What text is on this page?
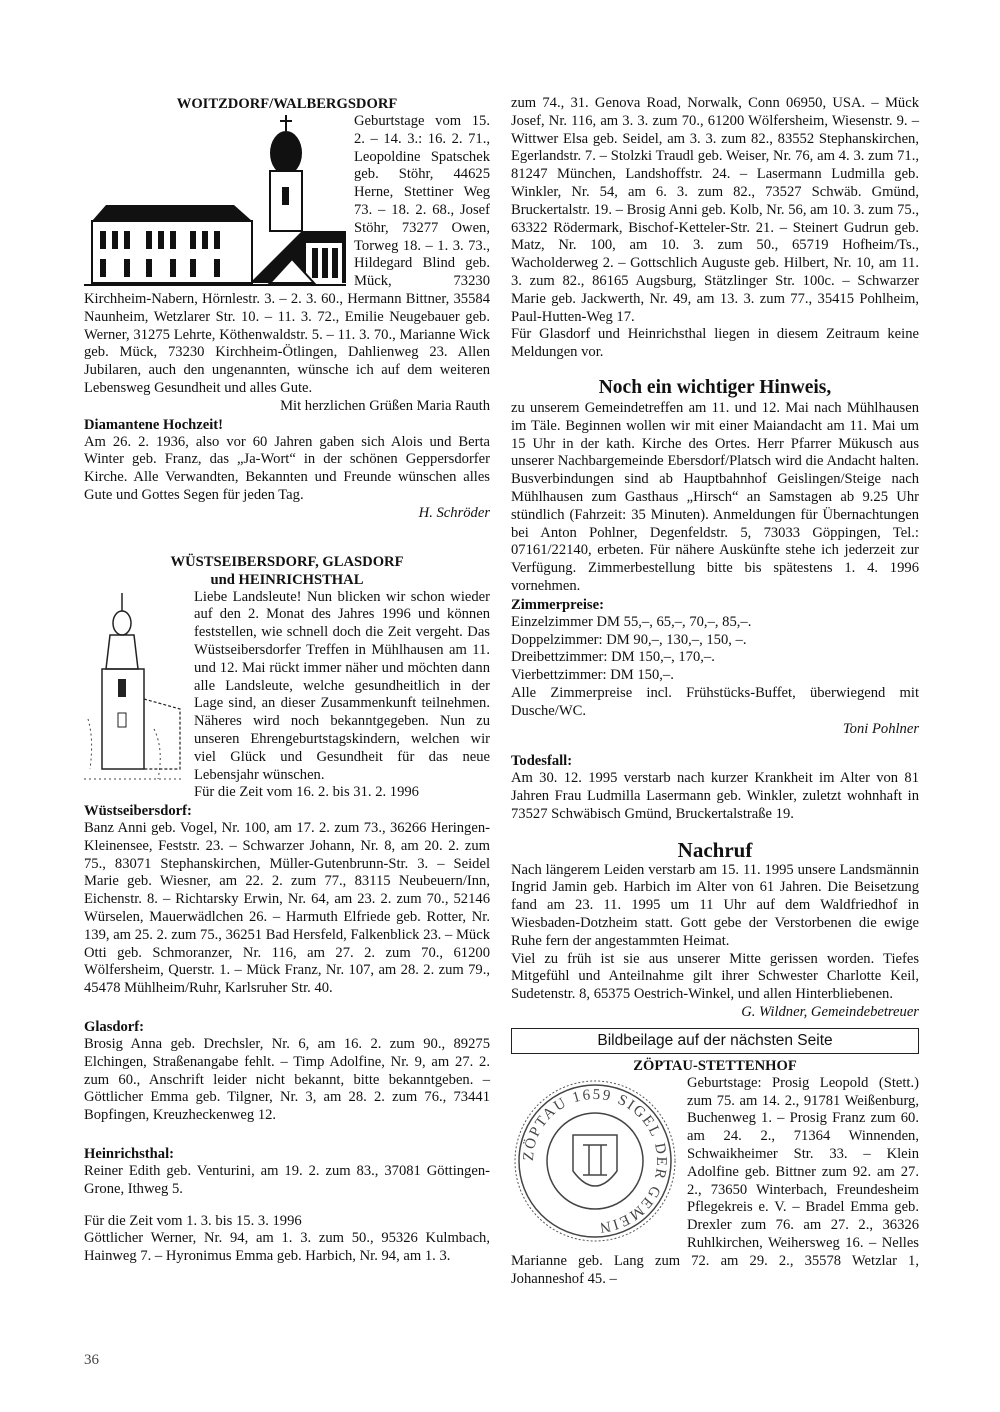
WOITZDORF/WALBERGSDORF

Geburtstage vom 15. 2. – 14. 3.: 16. 2. 71., Leopoldine Spatschek geb. Stöhr, 44625 Herne, Stettiner Weg 73. – 18. 2. 68., Josef Stöhr, 73277 Owen, Torweg 18. – 1. 3. 73., Hildegard Blind geb. Mück, 73230 Kirchheim-Nabern, Hörnlestr. 3. – 2. 3. 60., Hermann Bittner, 35584 Naunheim, Wetzlarer Str. 10. – 11. 3. 72., Emilie Neugebauer geb. Werner, 31275 Lehrte, Köthenwaldstr. 5. – 11. 3. 70., Marianne Wick geb. Mück, 73230 Kirchheim-Ötlingen, Dahlienweg 23. Allen Jubilaren, auch den ungenannten, wünsche ich auf dem weiteren Lebensweg Gesundheit und alles Gute.

Mit herzlichen Grüßen Maria Rauth

Diamantene Hochzeit!

Am 26. 2. 1936, also vor 60 Jahren gaben sich Alois und Berta Winter geb. Franz, das „Ja-Wort“ in der schönen Geppersdorfer Kirche. Alle Verwandten, Bekannten und Freunde wünschen alles Gute und Gottes Segen für jeden Tag.

H. Schröder

WÜSTSEIBERSDORF, GLASDORF

und HEINRICHSTHAL

Liebe Landsleute! Nun blicken wir schon wieder auf den 2. Monat des Jahres 1996 und können feststellen, wie schnell doch die Zeit vergeht. Das Wüstseibersdorfer Treffen in Mühlhausen am 11. und 12. Mai rückt immer näher und möchten dann alle Landsleute, welche gesundheitlich in der Lage sind, an dieser Zusammenkunft teilnehmen. Näheres wird noch bekanntgegeben. Nun zu unseren Ehrengeburtstagskindern, welchen wir viel Glück und Gesundheit für das neue Lebensjahr wünschen.

Für die Zeit vom 16. 2. bis 31. 2. 1996

Wüstseibersdorf:

Banz Anni geb. Vogel, Nr. 100, am 17. 2. zum 73., 36266 Heringen-Kleinensee, Feststr. 23. – Schwarzer Johann, Nr. 8, am 20. 2. zum 75., 83071 Stephanskirchen, Müller-Gutenbrunn-Str. 3. – Seidel Marie geb. Wiesner, am 22. 2. zum 77., 83115 Neubeuern/Inn, Eichenstr. 8. – Richtarsky Erwin, Nr. 64, am 23. 2. zum 70., 52146 Würselen, Mauerwädlchen 26. – Harmuth Elfriede geb. Rotter, Nr. 139, am 25. 2. zum 75., 36251 Bad Hersfeld, Falkenblick 23. – Mück Otti geb. Schmoranzer, Nr. 116, am 27. 2. zum 70., 61200 Wölfersheim, Querstr. 1. – Mück Franz, Nr. 107, am 28. 2. zum 79., 45478 Mühlheim/Ruhr, Karlsruher Str. 40.

Glasdorf:

Brosig Anna geb. Drechsler, Nr. 6, am 16. 2. zum 90., 89275 Elchingen, Straßenangabe fehlt. – Timp Adolfine, Nr. 9, am 27. 2. zum 60., Anschrift leider nicht bekannt, bitte bekanntgeben. – Göttlicher Emma geb. Tilgner, Nr. 3, am 28. 2. zum 76., 73441 Bopfingen, Kreuzheckenweg 12.

Heinrichsthal:

Reiner Edith geb. Venturini, am 19. 2. zum 83., 37081 Göttingen-Grone, Ithweg 5.

Für die Zeit vom 1. 3. bis 15. 3. 1996

Göttlicher Werner, Nr. 94, am 1. 3. zum 50., 95326 Kulmbach, Hainweg 7. – Hyronimus Emma geb. Harbich, Nr. 94, am 1. 3.

zum 74., 31. Genova Road, Norwalk, Conn 06950, USA. – Mück Josef, Nr. 116, am 3. 3. zum 70., 61200 Wölfersheim, Wiesenstr. 9. – Wittwer Elsa geb. Seidel, am 3. 3. zum 82., 83552 Stephanskirchen, Egerlandstr. 7. – Stolzki Traudl geb. Weiser, Nr. 76, am 4. 3. zum 71., 81247 München, Landshoffstr. 24. – Lasermann Ludmilla geb. Winkler, Nr. 54, am 6. 3. zum 82., 73527 Schwäb. Gmünd, Bruckertalstr. 19. – Brosig Anni geb. Kolb, Nr. 56, am 10. 3. zum 75., 63322 Rödermark, Bischof-Ketteler-Str. 21. – Steinert Gudrun geb. Matz, Nr. 100, am 10. 3. zum 50., 65719 Hofheim/Ts., Wacholderweg 2. – Gottschlich Auguste geb. Hilbert, Nr. 10, am 11. 3. zum 82., 86165 Augsburg, Stätzlinger Str. 100c. – Schwarzer Marie geb. Jackwerth, Nr. 49, am 13. 3. zum 77., 35415 Pohlheim, Paul-Hutten-Weg 17.

Für Glasdorf und Heinrichsthal liegen in diesem Zeitraum keine Meldungen vor.

Noch ein wichtiger Hinweis,

zu unserem Gemeindetreffen am 11. und 12. Mai nach Mühlhausen im Täle. Beginnen wollen wir mit einer Maiandacht am 11. Mai um 15 Uhr in der kath. Kirche des Ortes. Herr Pfarrer Mükusch aus unserer Nachbargemeinde Ebersdorf/Platsch wird die Andacht halten. Busverbindungen sind ab Hauptbahnhof Geislingen/Steige nach Mühlhausen zum Gasthaus „Hirsch“ an Samstagen ab 9.25 Uhr stündlich (Fahrzeit: 35 Minuten). Anmeldungen für Übernachtungen bei Anton Pohlner, Degenfeldstr. 5, 73033 Göppingen, Tel.: 07161/22140, erbeten. Für nähere Auskünfte stehe ich jederzeit zur Verfügung. Zimmerbestellung bitte bis spätestens 1. 4. 1996 vornehmen.

Zimmerpreise:

Einzelzimmer DM 55,–, 65,–, 70,–, 85,–.

Doppelzimmer: DM 90,–, 130,–, 150, –.

Dreibettzimmer: DM 150,–, 170,–.

Vierbettzimmer: DM 150,–.

Alle Zimmerpreise incl. Frühstücks-Buffet, überwiegend mit Dusche/WC.

Toni Pohlner

Todesfall:

Am 30. 12. 1995 verstarb nach kurzer Krankheit im Alter von 81 Jahren Frau Ludmilla Lasermann geb. Winkler, zuletzt wohnhaft in 73527 Schwäbisch Gmünd, Bruckertalstraße 19.

Nachruf

Nach längerem Leiden verstarb am 15. 11. 1995 unsere Landsmännin Ingrid Jamin geb. Harbich im Alter von 61 Jahren. Die Beisetzung fand am 23. 11. 1995 um 11 Uhr auf dem Waldfriedhof in Wiesbaden-Dotzheim statt. Gott gebe der Verstorbenen die ewige Ruhe fern der angestammten Heimat.

Viel zu früh ist sie aus unserer Mitte gerissen worden. Tiefes Mitgefühl und Anteilnahme gilt ihrer Schwester Charlotte Keil, Sudetenstr. 8, 65375 Oestrich-Winkel, und allen Hinterbliebenen.

G. Wildner, Gemeindebetreuer

Bildbeilage auf der nächsten Seite

ZÖPTAU-STETTENHOF

ZÖPTAU 1659 SIGEL DER GEMEIN

Geburtstage: Prosig Leopold (Stett.) zum 75. am 14. 2., 91781 Weißenburg, Buchenweg 1. – Prosig Franz zum 60. am 24. 2., 71364 Winnenden, Schwaikheimer Str. 33. – Klein Adolfine geb. Bittner zum 92. am 27. 2., 73650 Winterbach, Freundesheim Pflegekreis e. V. – Bradel Emma geb. Drexler zum 76. am 27. 2., 36326 Ruhlkirchen, Weihersweg 16. – Nelles Marianne geb. Lang zum 72. am 29. 2., 35578 Wetzlar 1, Johanneshof 45. –

36
